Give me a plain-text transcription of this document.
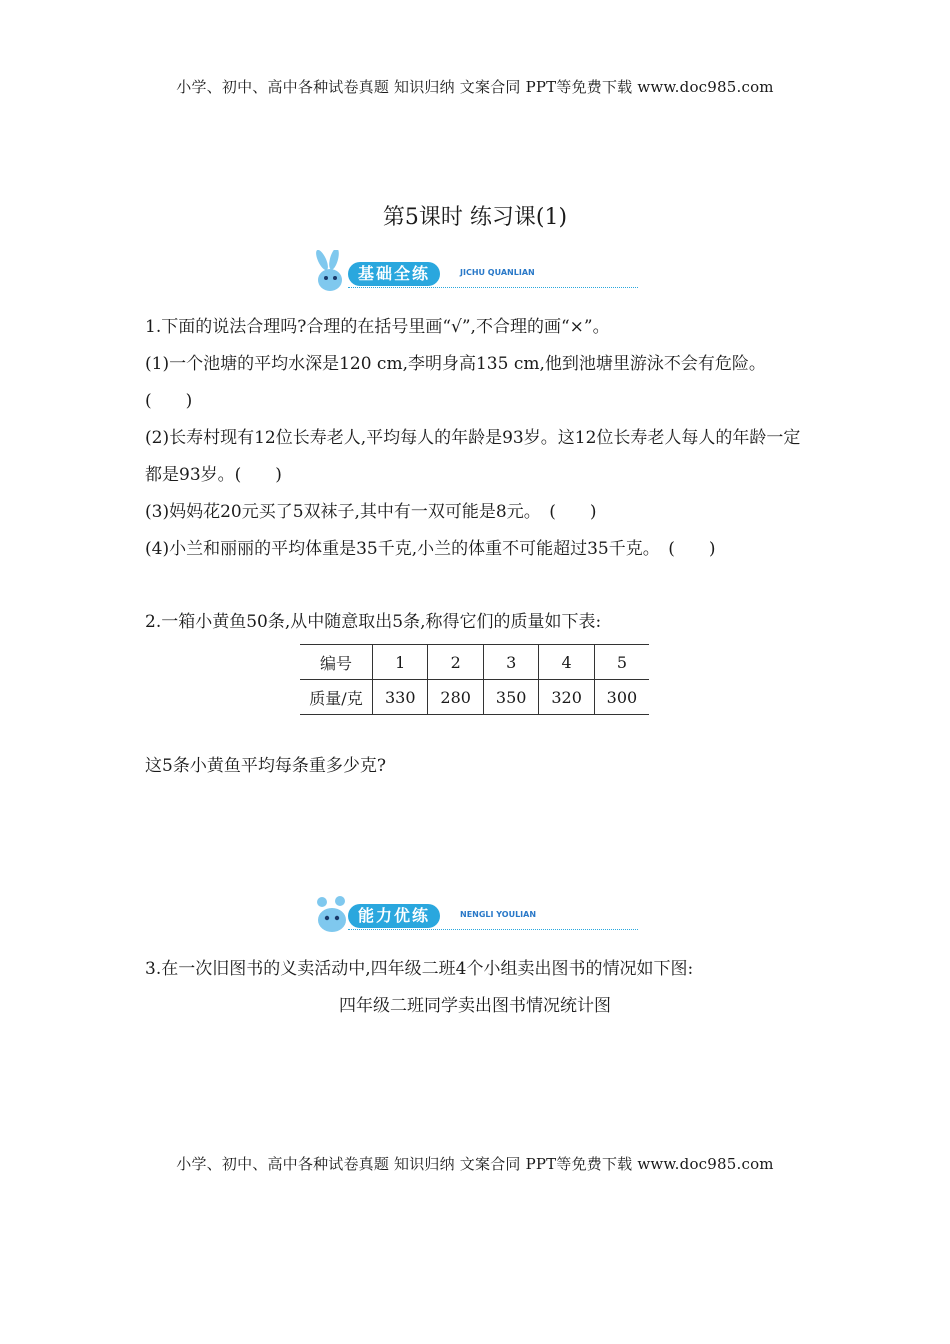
小学、初中、高中各种试卷真题 知识归纳 文案合同 PPT等免费下载 www.doc985.com
第5课时 练习课(1)
基础全练	JICHU QUANLIAN
1.下面的说法合理吗?合理的在括号里画“√”,不合理的画“×”。
(1)一个池塘的平均水深是120 cm,李明身高135 cm,他到池塘里游泳不会有危险。(　　)
(2)长寿村现有12位长寿老人,平均每人的年龄是93岁。这12位长寿老人每人的年龄一定都是93岁。(　　)
(3)妈妈花20元买了5双袜子,其中有一双可能是8元。　(　　)
(4)小兰和丽丽的平均体重是35千克,小兰的体重不可能超过35千克。　(　　)
2.一箱小黄鱼50条,从中随意取出5条,称得它们的质量如下表:
编号	1	2	3	4	5
质量/克	330	280	350	320	300
这5条小黄鱼平均每条重多少克?
能力优练	NENGLI YOULIAN
3.在一次旧图书的义卖活动中,四年级二班4个小组卖出图书的情况如下图:
四年级二班同学卖出图书情况统计图
小学、初中、高中各种试卷真题 知识归纳 文案合同 PPT等免费下载 www.doc985.com
